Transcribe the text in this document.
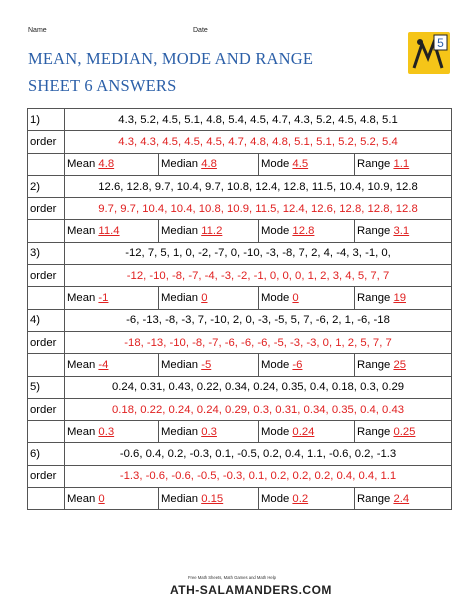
Name	Date
MEAN, MEDIAN, MODE AND RANGE
SHEET 6 ANSWERS
5
1)	4.3, 5.2, 4.5, 5.1, 4.8, 5.4, 4.5, 4.7, 4.3, 5.2, 4.5, 4.8, 5.1			
order	4.3, 4.3, 4.5, 4.5, 4.5, 4.7, 4.8, 4.8, 5.1, 5.1, 5.2, 5.2, 5.4			
	Mean 4.8	Median 4.8	Mode 4.5	Range 1.1
2)	12.6, 12.8, 9.7, 10.4, 9.7, 10.8, 12.4, 12.8, 11.5, 10.4, 10.9, 12.8			
order	9.7, 9.7, 10.4, 10.4, 10.8, 10.9, 11.5, 12.4, 12.6, 12.8, 12.8, 12.8			
	Mean 11.4	Median 11.2	Mode 12.8	Range 3.1
3)	-12, 7, 5, 1, 0, -2, -7, 0, -10, -3, -8, 7, 2, 4, -4, 3, -1, 0,			
order	-12, -10, -8, -7, -4, -3, -2, -1, 0, 0, 0, 1, 2, 3, 4, 5, 7, 7			
	Mean -1	Median 0	Mode 0	Range 19
4)	-6, -13, -8, -3, 7, -10, 2, 0, -3, -5, 5, 7, -6, 2, 1, -6, -18			
order	-18, -13, -10, -8, -7, -6, -6, -6, -5, -3, -3, 0, 1, 2, 5, 7, 7			
	Mean -4	Median -5	Mode -6	Range 25
5)	0.24, 0.31, 0.43, 0.22, 0.34, 0.24, 0.35, 0.4, 0.18, 0.3, 0.29			
order	0.18, 0.22, 0.24, 0.24, 0.29, 0.3, 0.31, 0.34, 0.35, 0.4, 0.43			
	Mean 0.3	Median 0.3	Mode 0.24	Range 0.25
6)	-0.6, 0.4, 0.2, -0.3, 0.1, -0.5, 0.2, 0.4, 1.1, -0.6, 0.2, -1.3			
order	-1.3, -0.6, -0.6, -0.5, -0.3, 0.1, 0.2, 0.2, 0.2, 0.4, 0.4, 1.1			
	Mean 0	Median 0.15	Mode 0.2	Range 2.4
Free Math Sheets, Math Games and Math Help
ATH-SALAMANDERS.COM
